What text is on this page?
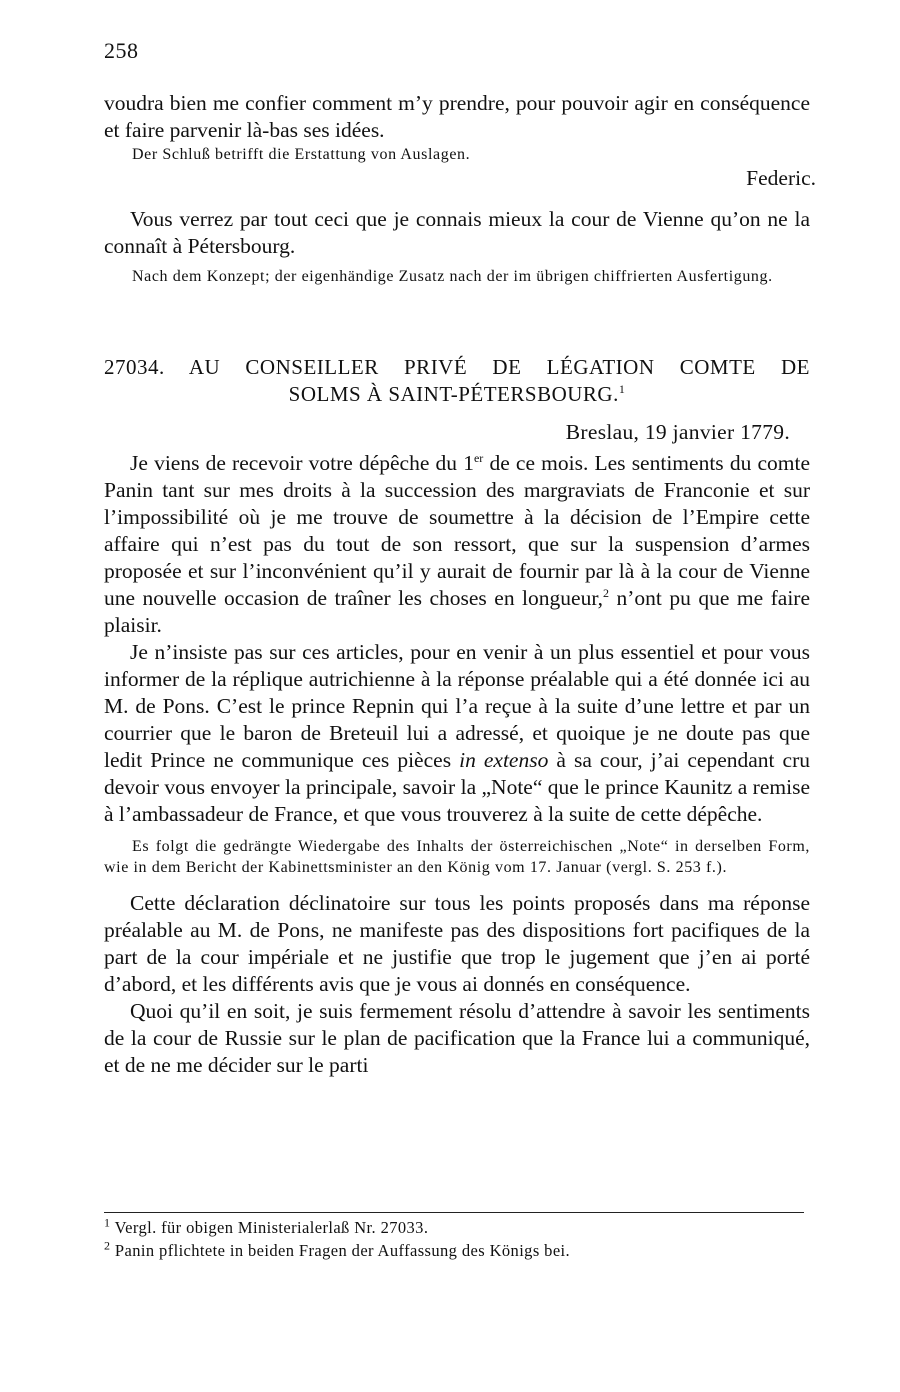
258

voudra bien me confier comment m’y prendre, pour pouvoir agir en conséquence et faire parvenir là-bas ses idées.

Der Schluß betrifft die Erstattung von Auslagen.

Federic.

Vous verrez par tout ceci que je connais mieux la cour de Vienne qu’on ne la connaît à Pétersbourg.

Nach dem Konzept; der eigenhändige Zusatz nach der im übrigen chiffrierten Ausfertigung.

27034. AU CONSEILLER PRIVÉ DE LÉGATION COMTE DE
SOLMS À SAINT-PÉTERSBOURG.$^1$
Breslau, 19 janvier 1779.

Je viens de recevoir votre dépêche du 1er de ce mois. Les sentiments du comte Panin tant sur mes droits à la succession des margraviats de Franconie et sur l’impossibilité où je me trouve de soumettre à la décision de l’Empire cette affaire qui n’est pas du tout de son ressort, que sur la suspension d’armes proposée et sur l’inconvénient qu’il y aurait de fournir par là à la cour de Vienne une nouvelle occasion de traîner les choses en longueur,$^2$ n’ont pu que me faire plaisir.

Je n’insiste pas sur ces articles, pour en venir à un plus essentiel et pour vous informer de la réplique autrichienne à la réponse préalable qui a été donnée ici au M. de Pons. C’est le prince Repnin qui l’a reçue à la suite d’une lettre et par un courrier que le baron de Breteuil lui a adressé, et quoique je ne doute pas que ledit Prince ne communique ces pièces in extenso à sa cour, j’ai cependant cru devoir vous envoyer la principale, savoir la „Note“ que le prince Kaunitz a remise à l’ambassadeur de France, et que vous trouverez à la suite de cette dépêche.

Es folgt die gedrängte Wiedergabe des Inhalts der österreichischen „Note“ in derselben Form, wie in dem Bericht der Kabinettsminister an den König vom 17. Januar (vergl. S. 253 f.).

Cette déclaration déclinatoire sur tous les points proposés dans ma réponse préalable au M. de Pons, ne manifeste pas des dispositions fort pacifiques de la part de la cour impériale et ne justifie que trop le jugement que j’en ai porté d’abord, et les différents avis que je vous ai donnés en conséquence.

Quoi qu’il en soit, je suis fermement résolu d’attendre à savoir les sentiments de la cour de Russie sur le plan de pacification que la France lui a communiqué, et de ne me décider sur le parti

$^1$ Vergl. für obigen Ministerialerlaß Nr. 27033.

$^2$ Panin pflichtete in beiden Fragen der Auffassung des Königs bei.
